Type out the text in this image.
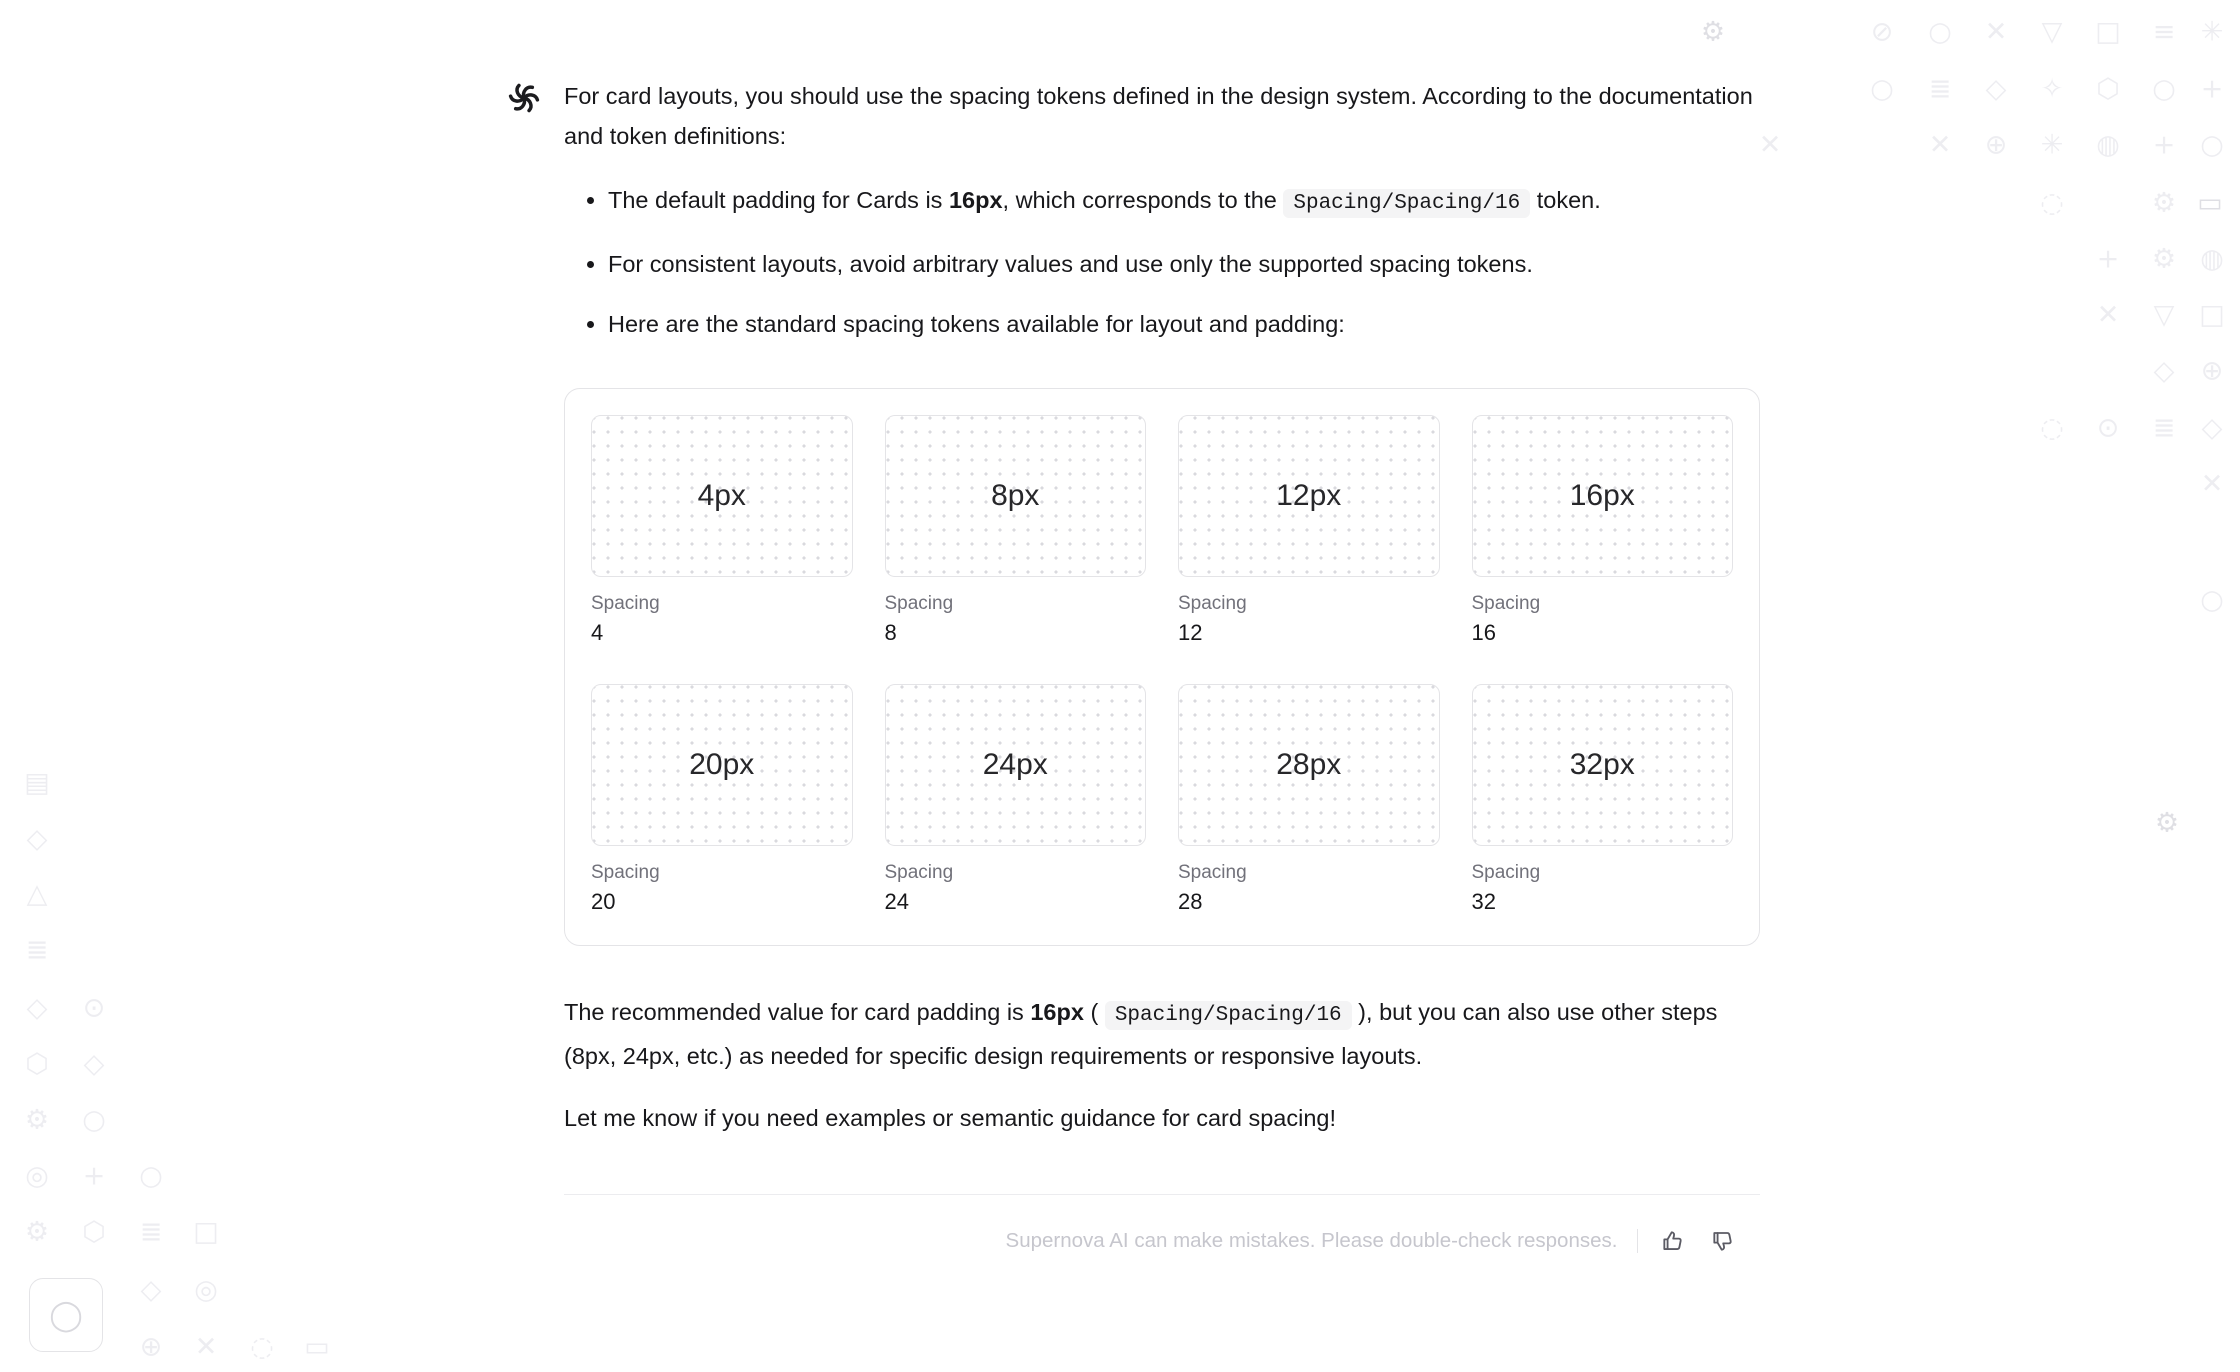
For card layouts, you should use the spacing tokens defined in the design system. According to the documentation and token definitions:

• The default padding for Cards is 16px, which corresponds to the Spacing/Spacing/16 token.
• For consistent layouts, avoid arbitrary values and use only the supported spacing tokens.
• Here are the standard spacing tokens available for layout and padding:
4px
Spacing
4
8px
Spacing
8
12px
Spacing
12
16px
Spacing
16
20px
Spacing
20
24px
Spacing
24
28px
Spacing
28
32px
Spacing
32

The recommended value for card padding is 16px ( Spacing/Spacing/16 ), but you can also use other steps (8px, 24px, etc.) as needed for specific design requirements or responsive layouts.

Let me know if you need examples or semantic guidance for card spacing!

Supernova AI can make mistakes. Please double-check responses.
◯
⚙	⊘ ○ ✕ ▽ □ ≡ ✳
○ ≣ ◇ ✧ ⬡ ○ +
✕	✕ ⊕ ✳ ◍ + ○
◌	⚙ ▭
+ ⚙ ◍
✕ ▽ □
◇ ⊕
◌ ⊙ ≣ ◇
✕
○
⚙
▤
◇
△
≣
◇
⬡
⚙
◎
⚙
⊙
◇
○
+
⬡
○
≣
◇
⊕
□
◎
✕ ◌ ▭
